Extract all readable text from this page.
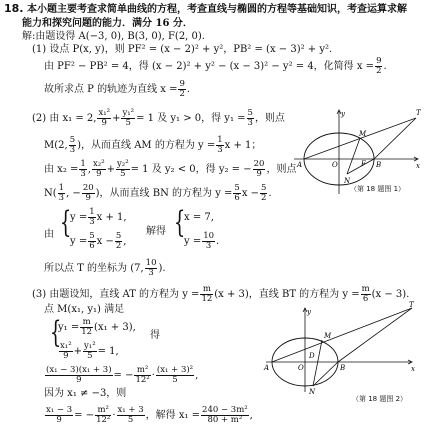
18. 本小题主要考查求简单曲线的方程，考查直线与椭圆的方程等基础知识，考查运算求解
能力和探究问题的能力．满分 16 分．
解:由题设得 A(−3, 0), B(3, 0), F(2, 0).
(1) 设点 P(x, y)，则 PF² = (x − 2)² + y²，PB² = (x − 3)² + y².
由 PF² − PB² = 4，得 (x − 2)² + y² − (x − 3)² − y² = 4，化简得 $x = \frac{9}{2}$ .
故所求点 P 的轨迹为直线 $x = \frac{9}{2}$ .
(2) 由 x₁ = 2, $\frac{\text{x₁²}}{9} + \frac{\text{y₁²}}{5} = 1$ 及 y₁ > 0，得 $y_1 = \frac{5}{3}$ ，则点
M(2, $\frac{5}{3}$ )，从而直线 AM 的方程为 $y = \frac{1}{3}$ x + 1；
由 $x_2 = \frac{1}{3}$ , $\frac{\text{x₂²}}{9} + \frac{\text{y₂²}}{5} = 1$ 及 y₂ < 0，得 y₂ = − $\frac{20}{9}$ ，则点
$N( \frac{1}{3}$ , − $\frac{20}{9}$ )，从而直线 BN 的方程为 $y = \frac{5}{6}$ $x - \frac{5}{2}$ .
由 {
$y = \frac{1}{3}$ x + 1,
$y = \frac{5}{6}$ $x - \frac{5}{2}$ ,
解得 {
x = 7,
$y = \frac{10}{3}$ .
所以点 T 的坐标为 (7, $\frac{10}{3}$ ).
(3) 由题设知，直线 AT 的方程为 $y = \frac{m}{12} (x + 3)$，直线 BT 的方程为 $y = \frac{m}{6} (x - 3)$.
点 M(x₁, y₁) 满足
{
$y_1 = \frac{m}{12} (x_1 + 3)$,
$\frac{\text{x₁²}}{9} + \frac{\text{y₁²}}{5} = 1$,
得
$\frac{\text{(x₁ − 3)(x₁ + 3)}}{9}$ = − $\frac{\text{m²}}{\text{12²}} \cdot \frac{\text{(x₁ + 3)²}}{5}$ ,
因为 x₁ ≠ −3，则
$\frac{\text{x₁ − 3}}{9}$ = − $\frac{\text{m²}}{\text{12²}} \cdot \frac{\text{x₁ + 3}}{5}$ ，解得 $x_1 = \frac{\text{240 − 3m²}}{\text{80 + m²}}$ ,
y
x
O
A	B
F
M
N
T
（第 18 题图 1）
y
x
O
A	B
D
M
N
T
（第 18 题图 2）
